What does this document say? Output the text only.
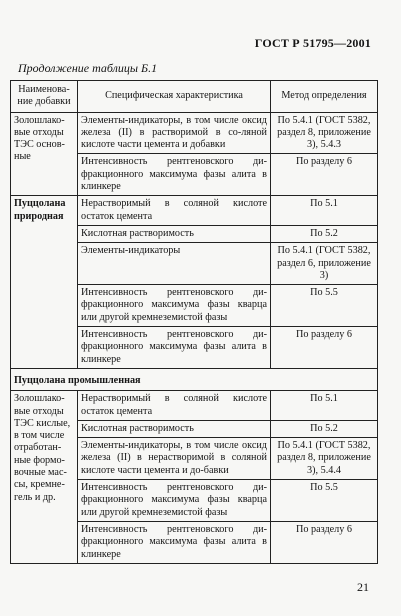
ГОСТ Р 51795—2001
Продолжение таблицы Б.1
Наименова-ние добавки	Специфическая характеристика	Метод определения
Золошлако-вые отходы ТЭС основ-ные	Элементы-индикаторы, в том числе оксид железа (II) в растворимой в со-ляной кислоте части цемента и добавки	По 5.4.1 (ГОСТ 5382, раздел 8, приложение 3), 5.4.3
	Интенсивность рентгеновского ди-фракционного максимума фазы алита в клинкере	По разделу 6
Пуццолана природная	Нерастворимый в соляной кислоте остаток цемента	По 5.1
	Кислотная растворимость	По 5.2
	Элементы-индикаторы	По 5.4.1 (ГОСТ 5382, раздел 6, приложение 3)
	Интенсивность рентгеновского ди-фракционного максимума фазы кварца или другой кремнеземистой фазы	По 5.5
	Интенсивность рентгеновского ди-фракционного максимума фазы алита в клинкере	По разделу 6
Пуццолана промышленная		
Золошлако-вые отходы ТЭС кислые, в том числе отработан-ные формо-вочные мас-сы, кремне-гель и др.	Нерастворимый в соляной кислоте остаток цемента	По 5.1
	Кислотная растворимость	По 5.2
	Элементы-индикаторы, в том числе оксид железа (II) в нерастворимой в соляной кислоте части цемента и до-бавки	По 5.4.1 (ГОСТ 5382, раздел 8, приложение 3), 5.4.4
	Интенсивность рентгеновского ди-фракционного максимума фазы кварца или другой кремнеземистой фазы	По 5.5
	Интенсивность рентгеновского ди-фракционного максимума фазы алита в клинкере	По разделу 6
21
